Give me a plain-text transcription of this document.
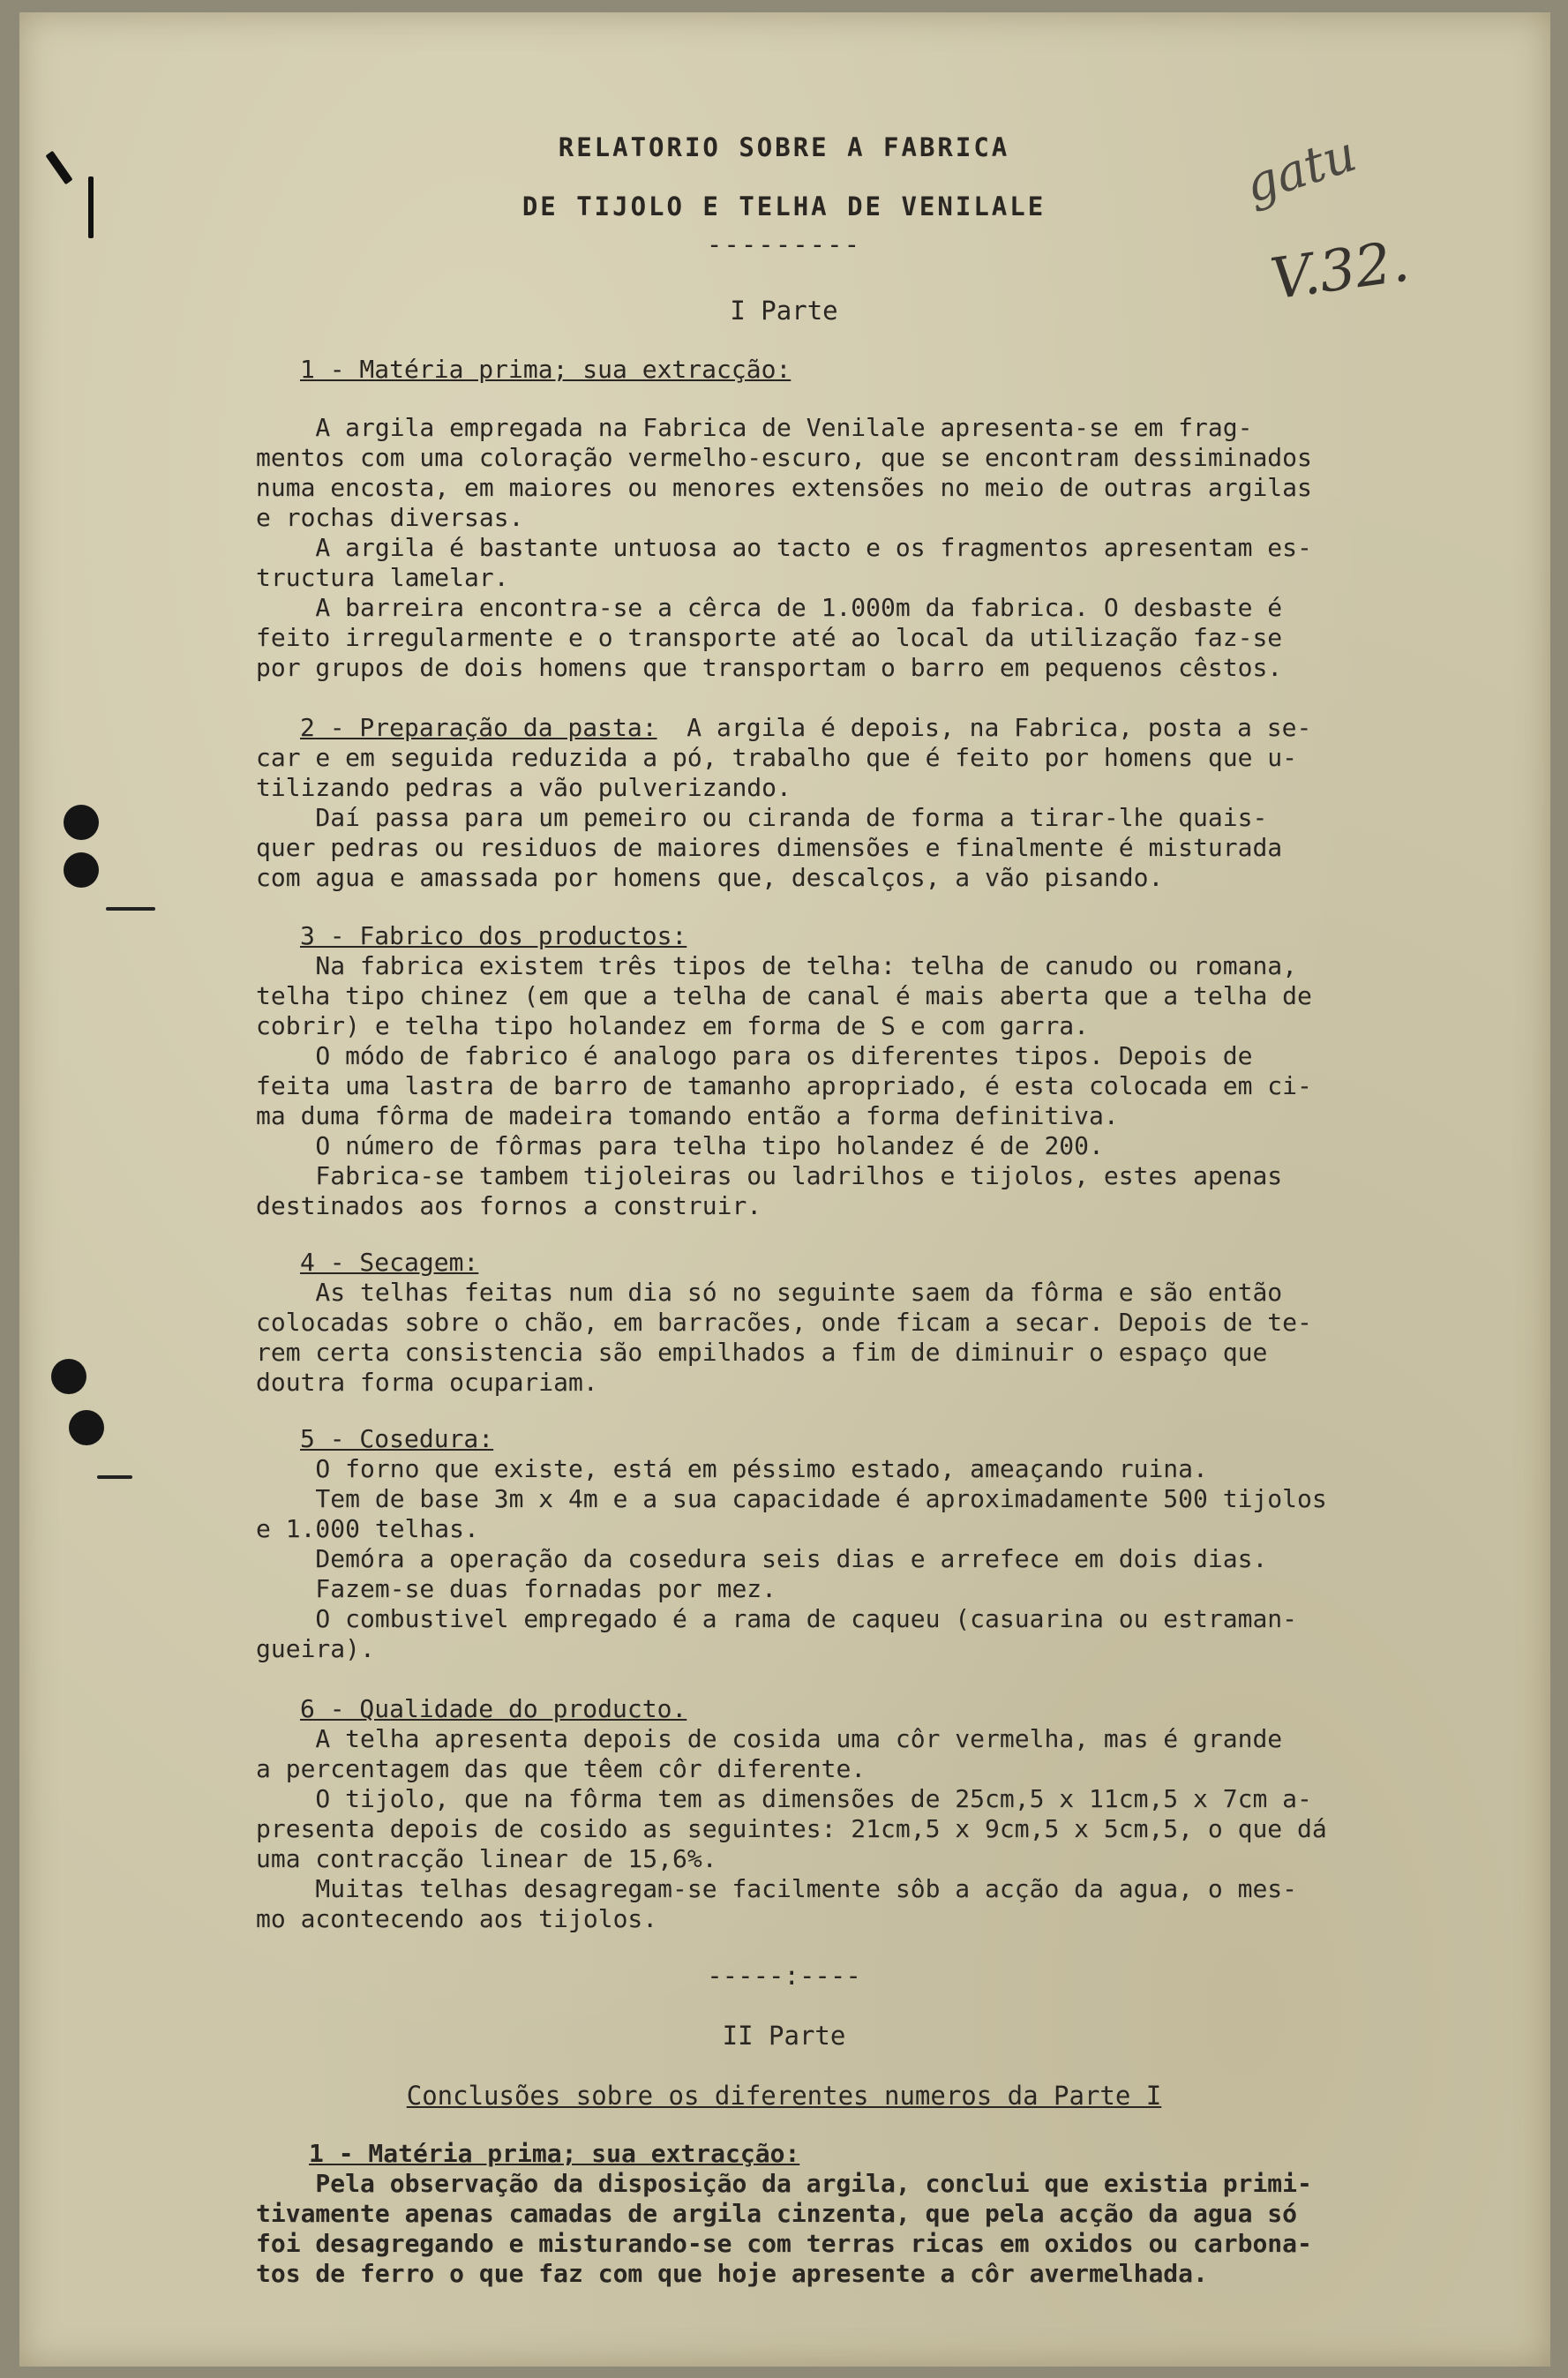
gatu
V.32.
RELATORIO SOBRE A FABRICA
DE TIJOLO E TELHA DE VENILALE
---------
I Parte

1 - Matéria prima; sua extracção:

A argila empregada na Fabrica de Venilale apresenta-se em frag-

mentos com uma coloração vermelho-escuro, que se encontram dessiminados

numa encosta, em maiores ou menores extensões no meio de outras argilas

e rochas diversas.

A argila é bastante untuosa ao tacto e os fragmentos apresentam es-

tructura lamelar.

A barreira encontra-se a cêrca de 1.000m da fabrica. O desbaste é

feito irregularmente e o transporte até ao local da utilização faz-se

por grupos de dois homens que transportam o barro em pequenos cêstos.

2 - Preparação da pasta:  A argila é depois, na Fabrica, posta a se-

car e em seguida reduzida a pó, trabalho que é feito por homens que u-

tilizando pedras a vão pulverizando.

Daí passa para um pemeiro ou ciranda de forma a tirar-lhe quais-

quer pedras ou residuos de maiores dimensões e finalmente é misturada

com agua e amassada por homens que, descalços, a vão pisando.

3 - Fabrico dos productos:

Na fabrica existem três tipos de telha: telha de canudo ou romana,

telha tipo chinez (em que a telha de canal é mais aberta que a telha de

cobrir) e telha tipo holandez em forma de S e com garra.

O módo de fabrico é analogo para os diferentes tipos. Depois de

feita uma lastra de barro de tamanho apropriado, é esta colocada em ci-

ma duma fôrma de madeira tomando então a forma definitiva.

O número de fôrmas para telha tipo holandez é de 200.

Fabrica-se tambem tijoleiras ou ladrilhos e tijolos, estes apenas

destinados aos fornos a construir.

4 - Secagem:

As telhas feitas num dia só no seguinte saem da fôrma e são então

colocadas sobre o chão, em barracões, onde ficam a secar. Depois de te-

rem certa consistencia são empilhados a fim de diminuir o espaço que

doutra forma ocupariam.

5 - Cosedura:

O forno que existe, está em péssimo estado, ameaçando ruina.

Tem de base 3m x 4m e a sua capacidade é aproximadamente 500 tijolos

e 1.000 telhas.

Demóra a operação da cosedura seis dias e arrefece em dois dias.

Fazem-se duas fornadas por mez.

O combustivel empregado é a rama de caqueu (casuarina ou estraman-

gueira).

6 - Qualidade do producto.

A telha apresenta depois de cosida uma côr vermelha, mas é grande

a percentagem das que têem côr diferente.

O tijolo, que na fôrma tem as dimensões de 25cm,5 x 11cm,5 x 7cm a-

presenta depois de cosido as seguintes: 21cm,5 x 9cm,5 x 5cm,5, o que dá

uma contracção linear de 15,6%.

Muitas telhas desagregam-se facilmente sôb a acção da agua, o mes-

mo acontecendo aos tijolos.

-----:----
II Parte
Conclusões sobre os diferentes numeros da Parte I

1 - Matéria prima; sua extracção:

Pela observação da disposição da argila, conclui que existia primi-

tivamente apenas camadas de argila cinzenta, que pela acção da agua só

foi desagregando e misturando-se com terras ricas em oxidos ou carbona-

tos de ferro o que faz com que hoje apresente a côr avermelhada.
